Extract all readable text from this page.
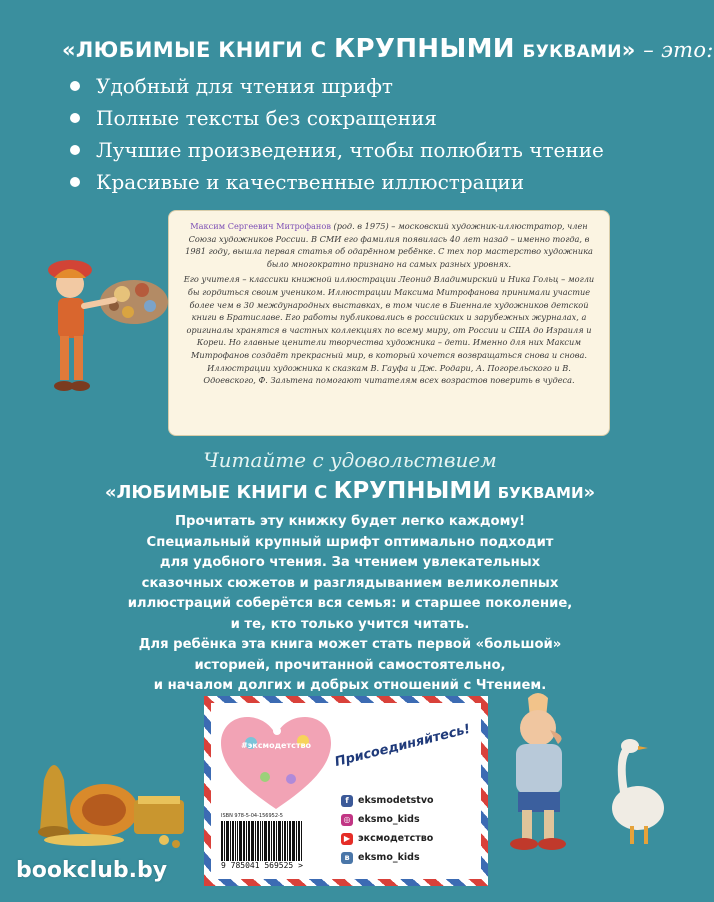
«ЛЮБИМЫЕ КНИГИ С КРУПНЫМИ БУКВАМИ» – это:
Удобный для чтения шрифт
Полные тексты без сокращения
Лучшие произведения, чтобы полюбить чтение
Красивые и качественные иллюстрации

Максим Сергеевич Митрофанов (род. в 1975) – московский художник-иллюстратор, член Союза художников России. В СМИ его фамилия появилась 40 лет назад – именно тогда, в 1981 году, вышла первая статья об одарённом ребёнке. С тех пор мастерство художника было многократно признано на самых разных уровнях.

Его учителя – классики книжной иллюстрации Леонид Владимирский и Ника Гольц – могли бы гордиться своим учеником. Иллюстрации Максима Митрофанова принимали участие более чем в 30 международных выставках, в том числе в Биеннале художников детской книги в Братиславе. Его работы публиковались в российских и зарубежных журналах, а оригиналы хранятся в частных коллекциях по всему миру, от России и США до Израиля и Кореи. Но главные ценители творчества художника – дети. Именно для них Максим Митрофанов создаёт прекрасный мир, в который хочется возвращаться снова и снова. Иллюстрации художника к сказкам В. Гауфа и Дж. Родари, А. Погорельского и В. Одоевского, Ф. Зальтена помогают читателям всех возрастов поверить в чудеса.

Читайте с удовольствием
«ЛЮБИМЫЕ КНИГИ С КРУПНЫМИ БУКВАМИ»

Прочитать эту книжку будет легко каждому!

Специальный крупный шрифт оптимально подходит

для удобного чтения. За чтением увлекательных

сказочных сюжетов и разглядыванием великолепных

иллюстраций соберётся вся семья: и старшее поколение,

и те, кто только учится читать.

Для ребёнка эта книга может стать первой «большой»

историей, прочитанной самостоятельно,

и началом долгих и добрых отношений с Чтением.

#эксмодетство	Присоединяйтесь!
f eksmodetstvo
◎ eksmo_kids
▶ эксмодетство
в eksmo_kids
ISBN 978-5-04-156952-5
9 785041 569525 >
bookclub.by
